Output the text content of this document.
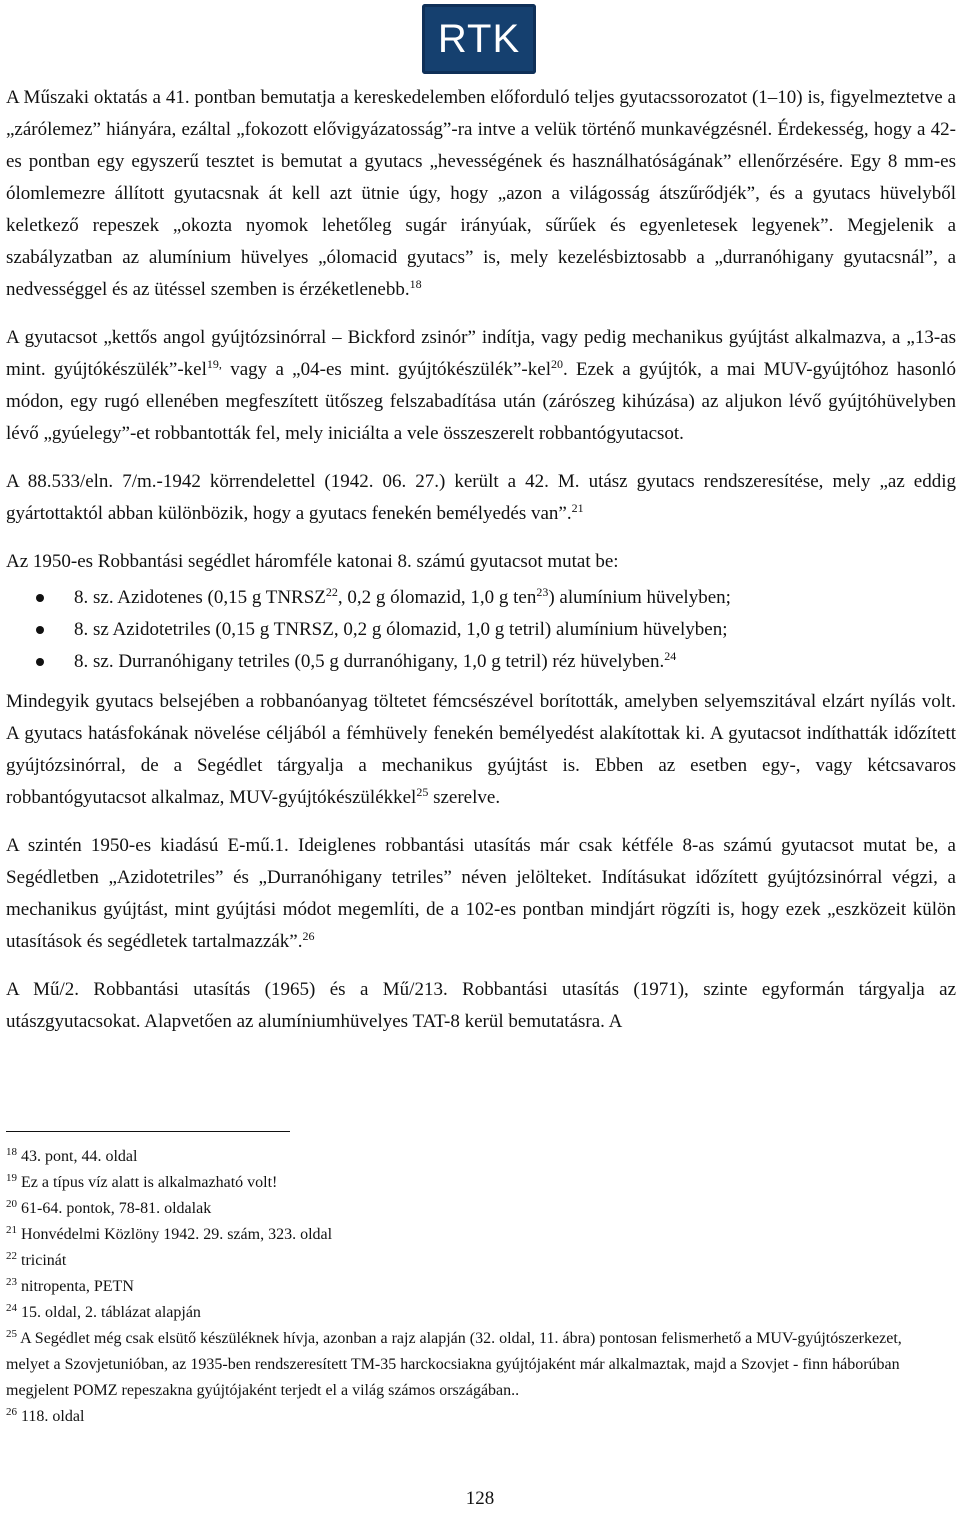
RTK

A Műszaki oktatás a 41. pontban bemutatja a kereskedelemben előforduló teljes gyutacssorozatot (1–10) is, figyelmeztetve a „zárólemez” hiányára, ezáltal „fokozott elővigyázatosság”-ra intve a velük történő munkavégzésnél. Érdekesség, hogy a 42-es pontban egy egyszerű tesztet is bemutat a gyutacs „hevességének és használhatóságának” ellenőrzésére. Egy 8 mm-es ólomlemezre állított gyutacsnak át kell azt ütnie úgy, hogy „azon a világosság átszűrődjék”, és a gyutacs hüvelyből keletkező repeszek „okozta nyomok lehetőleg sugár irányúak, sűrűek és egyenletesek legyenek”. Megjelenik a szabályzatban az alumínium hüvelyes „ólomacid gyutacs” is, mely kezelésbiztosabb a „durranóhigany gyutacsnál”, a nedvességgel és az ütéssel szemben is érzéketlenebb.$^{18}$

A gyutacsot „kettős angol gyújtózsinórral ‒ Bickford zsinór” indítja, vagy pedig mechanikus gyújtást alkalmazva, a „13-as mint. gyújtókészülék”-kel$^{19,}$ vagy a „04-es mint. gyújtókészülék”-kel$^{20}$. Ezek a gyújtók, a mai MUV-gyújtóhoz hasonló módon, egy rugó ellenében megfeszített ütőszeg felszabadítása után (zárószeg kihúzása) az aljukon lévő gyújtóhüvelyben lévő „gyúelegy”-et robbantották fel, mely iniciálta a vele összeszerelt robbantógyutacsot.

A 88.533/eln. 7/m.-1942 körrendelettel (1942. 06. 27.) került a 42. M. utász gyutacs rendszeresítése, mely „az eddig gyártottaktól abban különbözik, hogy a gyutacs fenekén bemélyedés van”.$^{21}$

Az 1950-es Robbantási segédlet háromféle katonai 8. számú gyutacsot mutat be:

8. sz. Azidotenes (0,15 g TNRSZ$^{22}$, 0,2 g ólomazid, 1,0 g ten$^{23}$) alumínium hüvelyben;
8. sz Azidotetriles (0,15 g TNRSZ, 0,2 g ólomazid, 1,0 g tetril) alumínium hüvelyben;
8. sz. Durranóhigany tetriles (0,5 g durranóhigany, 1,0 g tetril) réz hüvelyben.$^{24}$

Mindegyik gyutacs belsejében a robbanóanyag töltetet fémcsészével borították, amelyben selyemszitával elzárt nyílás volt. A gyutacs hatásfokának növelése céljából a fémhüvely fenekén bemélyedést alakítottak ki. A gyutacsot indíthatták időzített gyújtózsinórral, de a Segédlet tárgyalja a mechanikus gyújtást is. Ebben az esetben egy-, vagy kétcsavaros robbantógyutacsot alkalmaz, MUV-gyújtókészülékkel$^{25}$ szerelve.

A szintén 1950-es kiadású E-mű.1. Ideiglenes robbantási utasítás már csak kétféle 8-as számú gyutacsot mutat be, a Segédletben „Azidotetriles” és „Durranóhigany tetriles” néven jelölteket. Indításukat időzített gyújtózsinórral végzi, a mechanikus gyújtást, mint gyújtási módot megemlíti, de a 102-es pontban mindjárt rögzíti is, hogy ezek „eszközeit külön utasítások és segédletek tartalmazzák”.$^{26}$

A Mű/2. Robbantási utasítás (1965) és a Mű/213. Robbantási utasítás (1971), szinte egyformán tárgyalja az utászgyutacsokat. Alapvetően az alumíniumhüvelyes TAT-8 kerül bemutatásra. A

$^{18}$ 43. pont, 44. oldal

$^{19}$ Ez a típus víz alatt is alkalmazható volt!

$^{20}$ 61-64. pontok, 78-81. oldalak

$^{21}$ Honvédelmi Közlöny 1942. 29. szám, 323. oldal

$^{22}$ tricinát

$^{23}$ nitropenta, PETN

$^{24}$ 15. oldal, 2. táblázat alapján

$^{25}$ A Segédlet még csak elsütő készüléknek hívja, azonban a rajz alapján (32. oldal, 11. ábra) pontosan felismerhető a MUV-gyújtószerkezet, melyet a Szovjetunióban, az 1935-ben rendszeresített TM-35 harckocsiakna gyújtójaként már alkalmaztak, majd a Szovjet - finn háborúban megjelent POMZ repeszakna gyújtójaként terjedt el a világ számos országában..

$^{26}$ 118. oldal

128
